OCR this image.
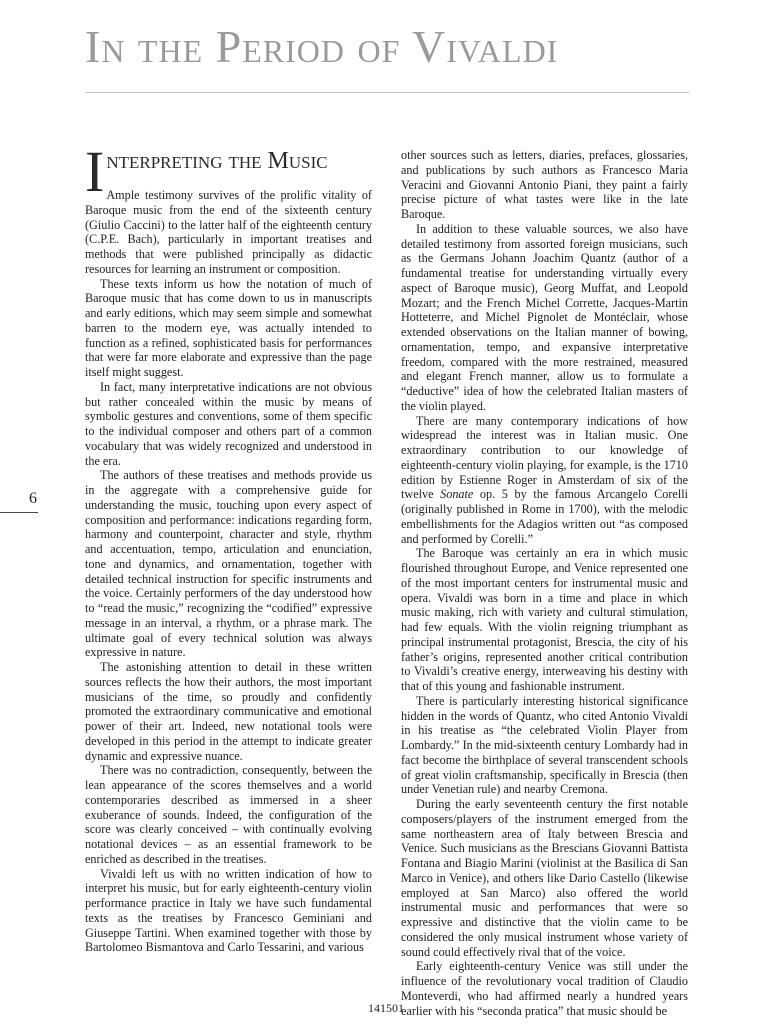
In the Period of Vivaldi
6
I nterpreting the Music

Ample testimony survives of the prolific vitality of Baroque music from the end of the sixteenth century (Giulio Caccini) to the latter half of the eighteenth century (C.P.E. Bach), particularly in important treatises and methods that were published principally as didactic resources for learning an instrument or composition.

These texts inform us how the notation of much of Baroque music that has come down to us in manuscripts and early editions, which may seem simple and somewhat barren to the modern eye, was actually intended to function as a refined, sophisticated basis for performances that were far more elaborate and expressive than the page itself might suggest.

In fact, many interpretative indications are not obvious but rather concealed within the music by means of symbolic gestures and conventions, some of them specific to the individual composer and others part of a common vocabulary that was widely recognized and understood in the era.

The authors of these treatises and methods provide us in the aggregate with a comprehensive guide for understanding the music, touching upon every aspect of composition and performance: indications regarding form, harmony and counterpoint, character and style, rhythm and accentuation, tempo, articulation and enunciation, tone and dynamics, and ornamentation, together with detailed technical instruction for specific instruments and the voice. Certainly performers of the day understood how to “read the music,” recognizing the “codified” expressive message in an interval, a rhythm, or a phrase mark. The ultimate goal of every technical solution was always expressive in nature.

The astonishing attention to detail in these written sources reflects the how their authors, the most important musicians of the time, so proudly and confidently promoted the extraordinary communicative and emotional power of their art. Indeed, new notational tools were developed in this period in the attempt to indicate greater dynamic and expressive nuance.

There was no contradiction, consequently, between the lean appearance of the scores themselves and a world contemporaries described as immersed in a sheer exuberance of sounds. Indeed, the configuration of the score was clearly conceived – with continually evolving notational devices – as an essential framework to be enriched as described in the treatises.

Vivaldi left us with no written indication of how to interpret his music, but for early eighteenth-century violin performance practice in Italy we have such fundamental texts as the treatises by Francesco Geminiani and Giuseppe Tartini. When examined together with those by Bartolomeo Bismantova and Carlo Tessarini, and various

other sources such as letters, diaries, prefaces, glossaries, and publications by such authors as Francesco Maria Veracini and Giovanni Antonio Piani, they paint a fairly precise picture of what tastes were like in the late Baroque.

In addition to these valuable sources, we also have detailed testimony from assorted foreign musicians, such as the Germans Johann Joachim Quantz (author of a fundamental treatise for understanding virtually every aspect of Baroque music), Georg Muffat, and Leopold Mozart; and the French Michel Corrette, Jacques-Martin Hotteterre, and Michel Pignolet de Montéclair, whose extended observations on the Italian manner of bowing, ornamentation, tempo, and expansive interpretative freedom, compared with the more restrained, measured and elegant French manner, allow us to formulate a “deductive” idea of how the celebrated Italian masters of the violin played.

There are many contemporary indications of how widespread the interest was in Italian music. One extraordinary contribution to our knowledge of eighteenth-century violin playing, for example, is the 1710 edition by Estienne Roger in Amsterdam of six of the twelve Sonate op. 5 by the famous Arcangelo Corelli (originally published in Rome in 1700), with the melodic embellishments for the Adagios written out “as composed and performed by Corelli.”

The Baroque was certainly an era in which music flourished throughout Europe, and Venice represented one of the most important centers for instrumental music and opera. Vivaldi was born in a time and place in which music making, rich with variety and cultural stimulation, had few equals. With the violin reigning triumphant as principal instrumental protagonist, Brescia, the city of his father’s origins, represented another critical contribution to Vivaldi’s creative energy, interweaving his destiny with that of this young and fashionable instrument.

There is particularly interesting historical significance hidden in the words of Quantz, who cited Antonio Vivaldi in his treatise as “the celebrated Violin Player from Lombardy.” In the mid-sixteenth century Lombardy had in fact become the birthplace of several transcendent schools of great violin craftsmanship, specifically in Brescia (then under Venetian rule) and nearby Cremona.

During the early seventeenth century the first notable composers/players of the instrument emerged from the same northeastern area of Italy between Brescia and Venice. Such musicians as the Brescians Giovanni Battista Fontana and Biagio Marini (violinist at the Basilica di San Marco in Venice), and others like Dario Castello (likewise employed at San Marco) also offered the world instrumental music and performances that were so expressive and distinctive that the violin came to be considered the only musical instrument whose variety of sound could effectively rival that of the voice.

Early eighteenth-century Venice was still under the influence of the revolutionary vocal tradition of Claudio Monteverdi, who had affirmed nearly a hundred years earlier with his “seconda pratica” that music should be

141501
